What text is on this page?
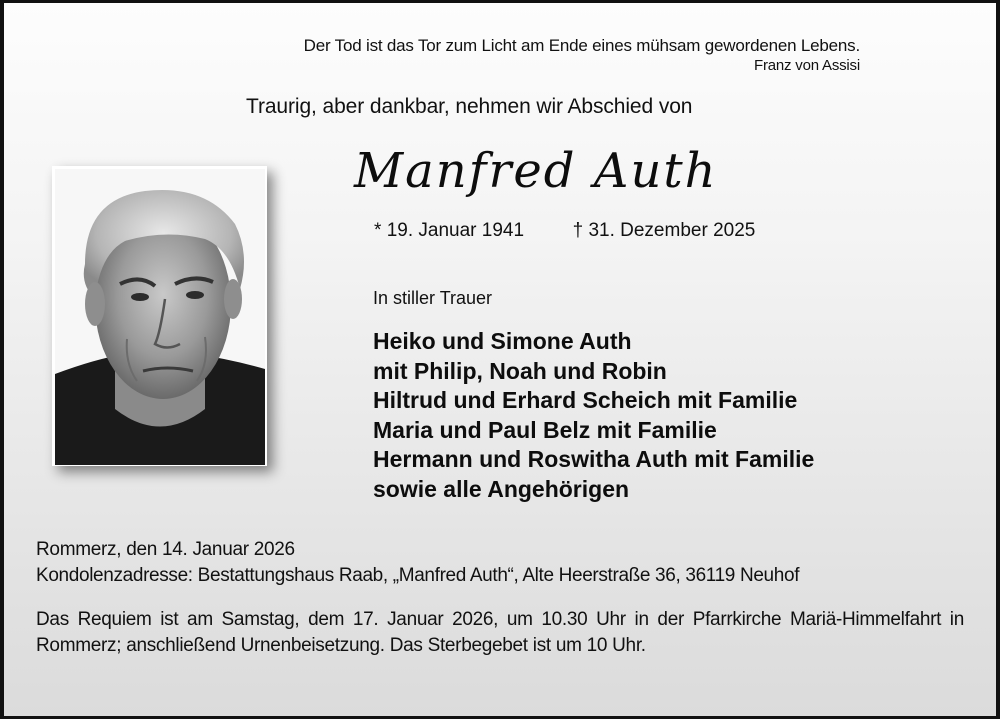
Der Tod ist das Tor zum Licht am Ende eines mühsam gewordenen Lebens.
Franz von Assisi
Traurig, aber dankbar, nehmen wir Abschied von
Manfred Auth
* 19. Januar 1941	† 31. Dezember 2025
In stiller Trauer
Heiko und Simone Auth
mit Philip, Noah und Robin
Hiltrud und Erhard Scheich mit Familie
Maria und Paul Belz mit Familie
Hermann und Roswitha Auth mit Familie
sowie alle Angehörigen
Rommerz, den 14. Januar 2026
Kondolenzadresse: Bestattungshaus Raab, „Manfred Auth“, Alte Heerstraße 36, 36119 Neuhof
Das Requiem ist am Samstag, dem 17. Januar 2026, um 10.30 Uhr in der Pfarrkirche Mariä-Himmelfahrt in Rommerz; anschließend Urnenbeisetzung. Das Sterbegebet ist um 10 Uhr.
